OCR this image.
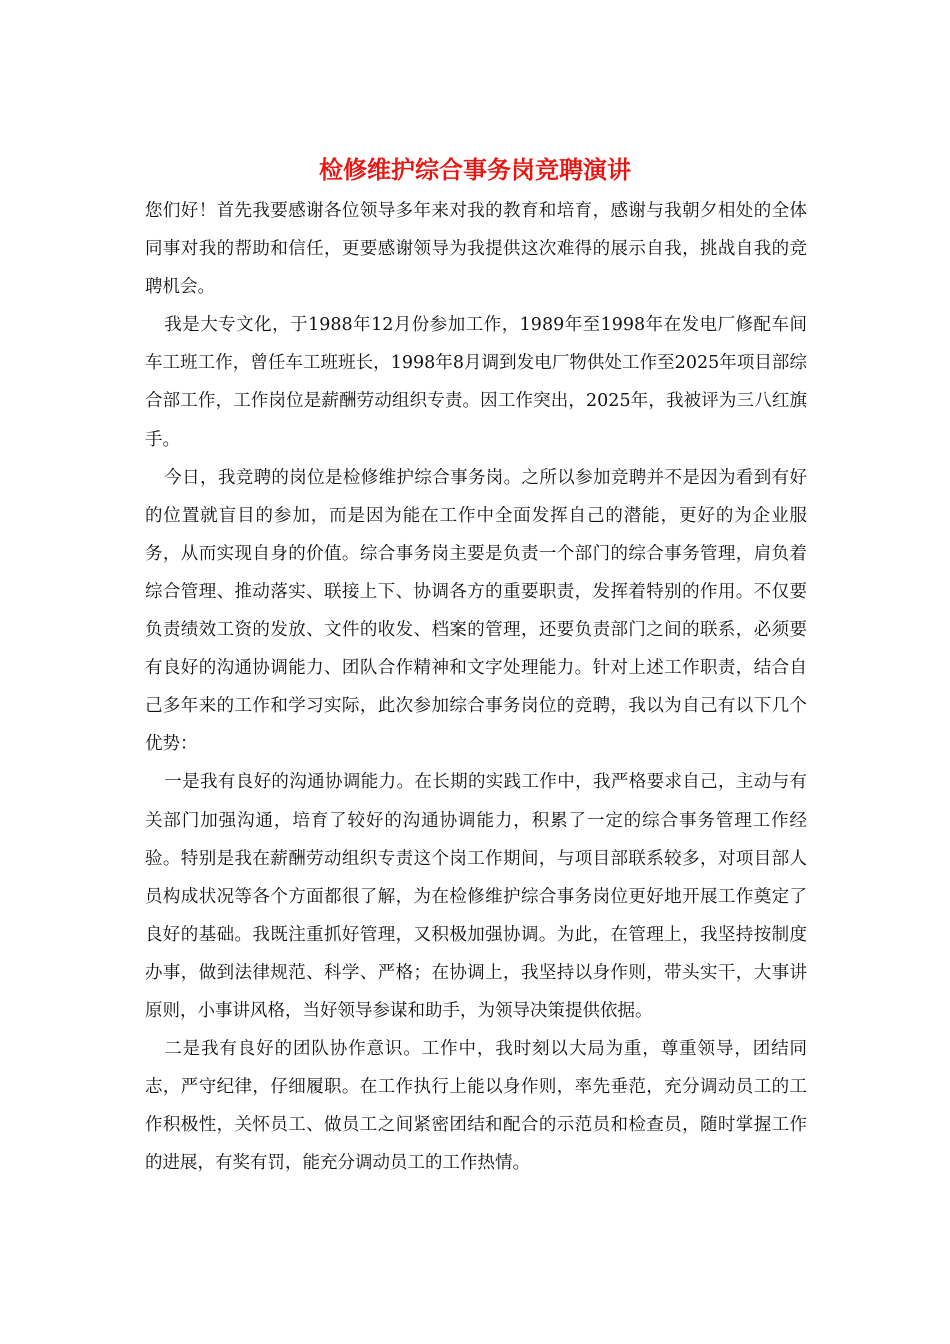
检修维护综合事务岗竞聘演讲

您们好！首先我要感谢各位领导多年来对我的教育和培育，感谢与我朝夕相处的全体同事对我的帮助和信任，更要感谢领导为我提供这次难得的展示自我，挑战自我的竞聘机会。

我是大专文化，于1988年12月份参加工作，1989年至1998年在发电厂修配车间车工班工作，曾任车工班班长，1998年8月调到发电厂物供处工作至2025年项目部综合部工作，工作岗位是薪酬劳动组织专责。因工作突出，2025年，我被评为三八红旗手。

今日，我竞聘的岗位是检修维护综合事务岗。之所以参加竞聘并不是因为看到有好的位置就盲目的参加，而是因为能在工作中全面发挥自己的潜能，更好的为企业服务，从而实现自身的价值。综合事务岗主要是负责一个部门的综合事务管理，肩负着综合管理、推动落实、联接上下、协调各方的重要职责，发挥着特别的作用。不仅要负责绩效工资的发放、文件的收发、档案的管理，还要负责部门之间的联系，必须要有良好的沟通协调能力、团队合作精神和文字处理能力。针对上述工作职责，结合自己多年来的工作和学习实际，此次参加综合事务岗位的竞聘，我以为自己有以下几个优势：

一是我有良好的沟通协调能力。在长期的实践工作中，我严格要求自己，主动与有关部门加强沟通，培育了较好的沟通协调能力，积累了一定的综合事务管理工作经验。特别是我在薪酬劳动组织专责这个岗工作期间，与项目部联系较多，对项目部人员构成状况等各个方面都很了解，为在检修维护综合事务岗位更好地开展工作奠定了良好的基础。我既注重抓好管理，又积极加强协调。为此，在管理上，我坚持按制度办事，做到法律规范、科学、严格；在协调上，我坚持以身作则，带头实干，大事讲原则，小事讲风格，当好领导参谋和助手，为领导决策提供依据。

二是我有良好的团队协作意识。工作中，我时刻以大局为重，尊重领导，团结同志，严守纪律，仔细履职。在工作执行上能以身作则，率先垂范，充分调动员工的工作积极性，关怀员工、做员工之间紧密团结和配合的示范员和检查员，随时掌握工作的进展，有奖有罚，能充分调动员工的工作热情。
